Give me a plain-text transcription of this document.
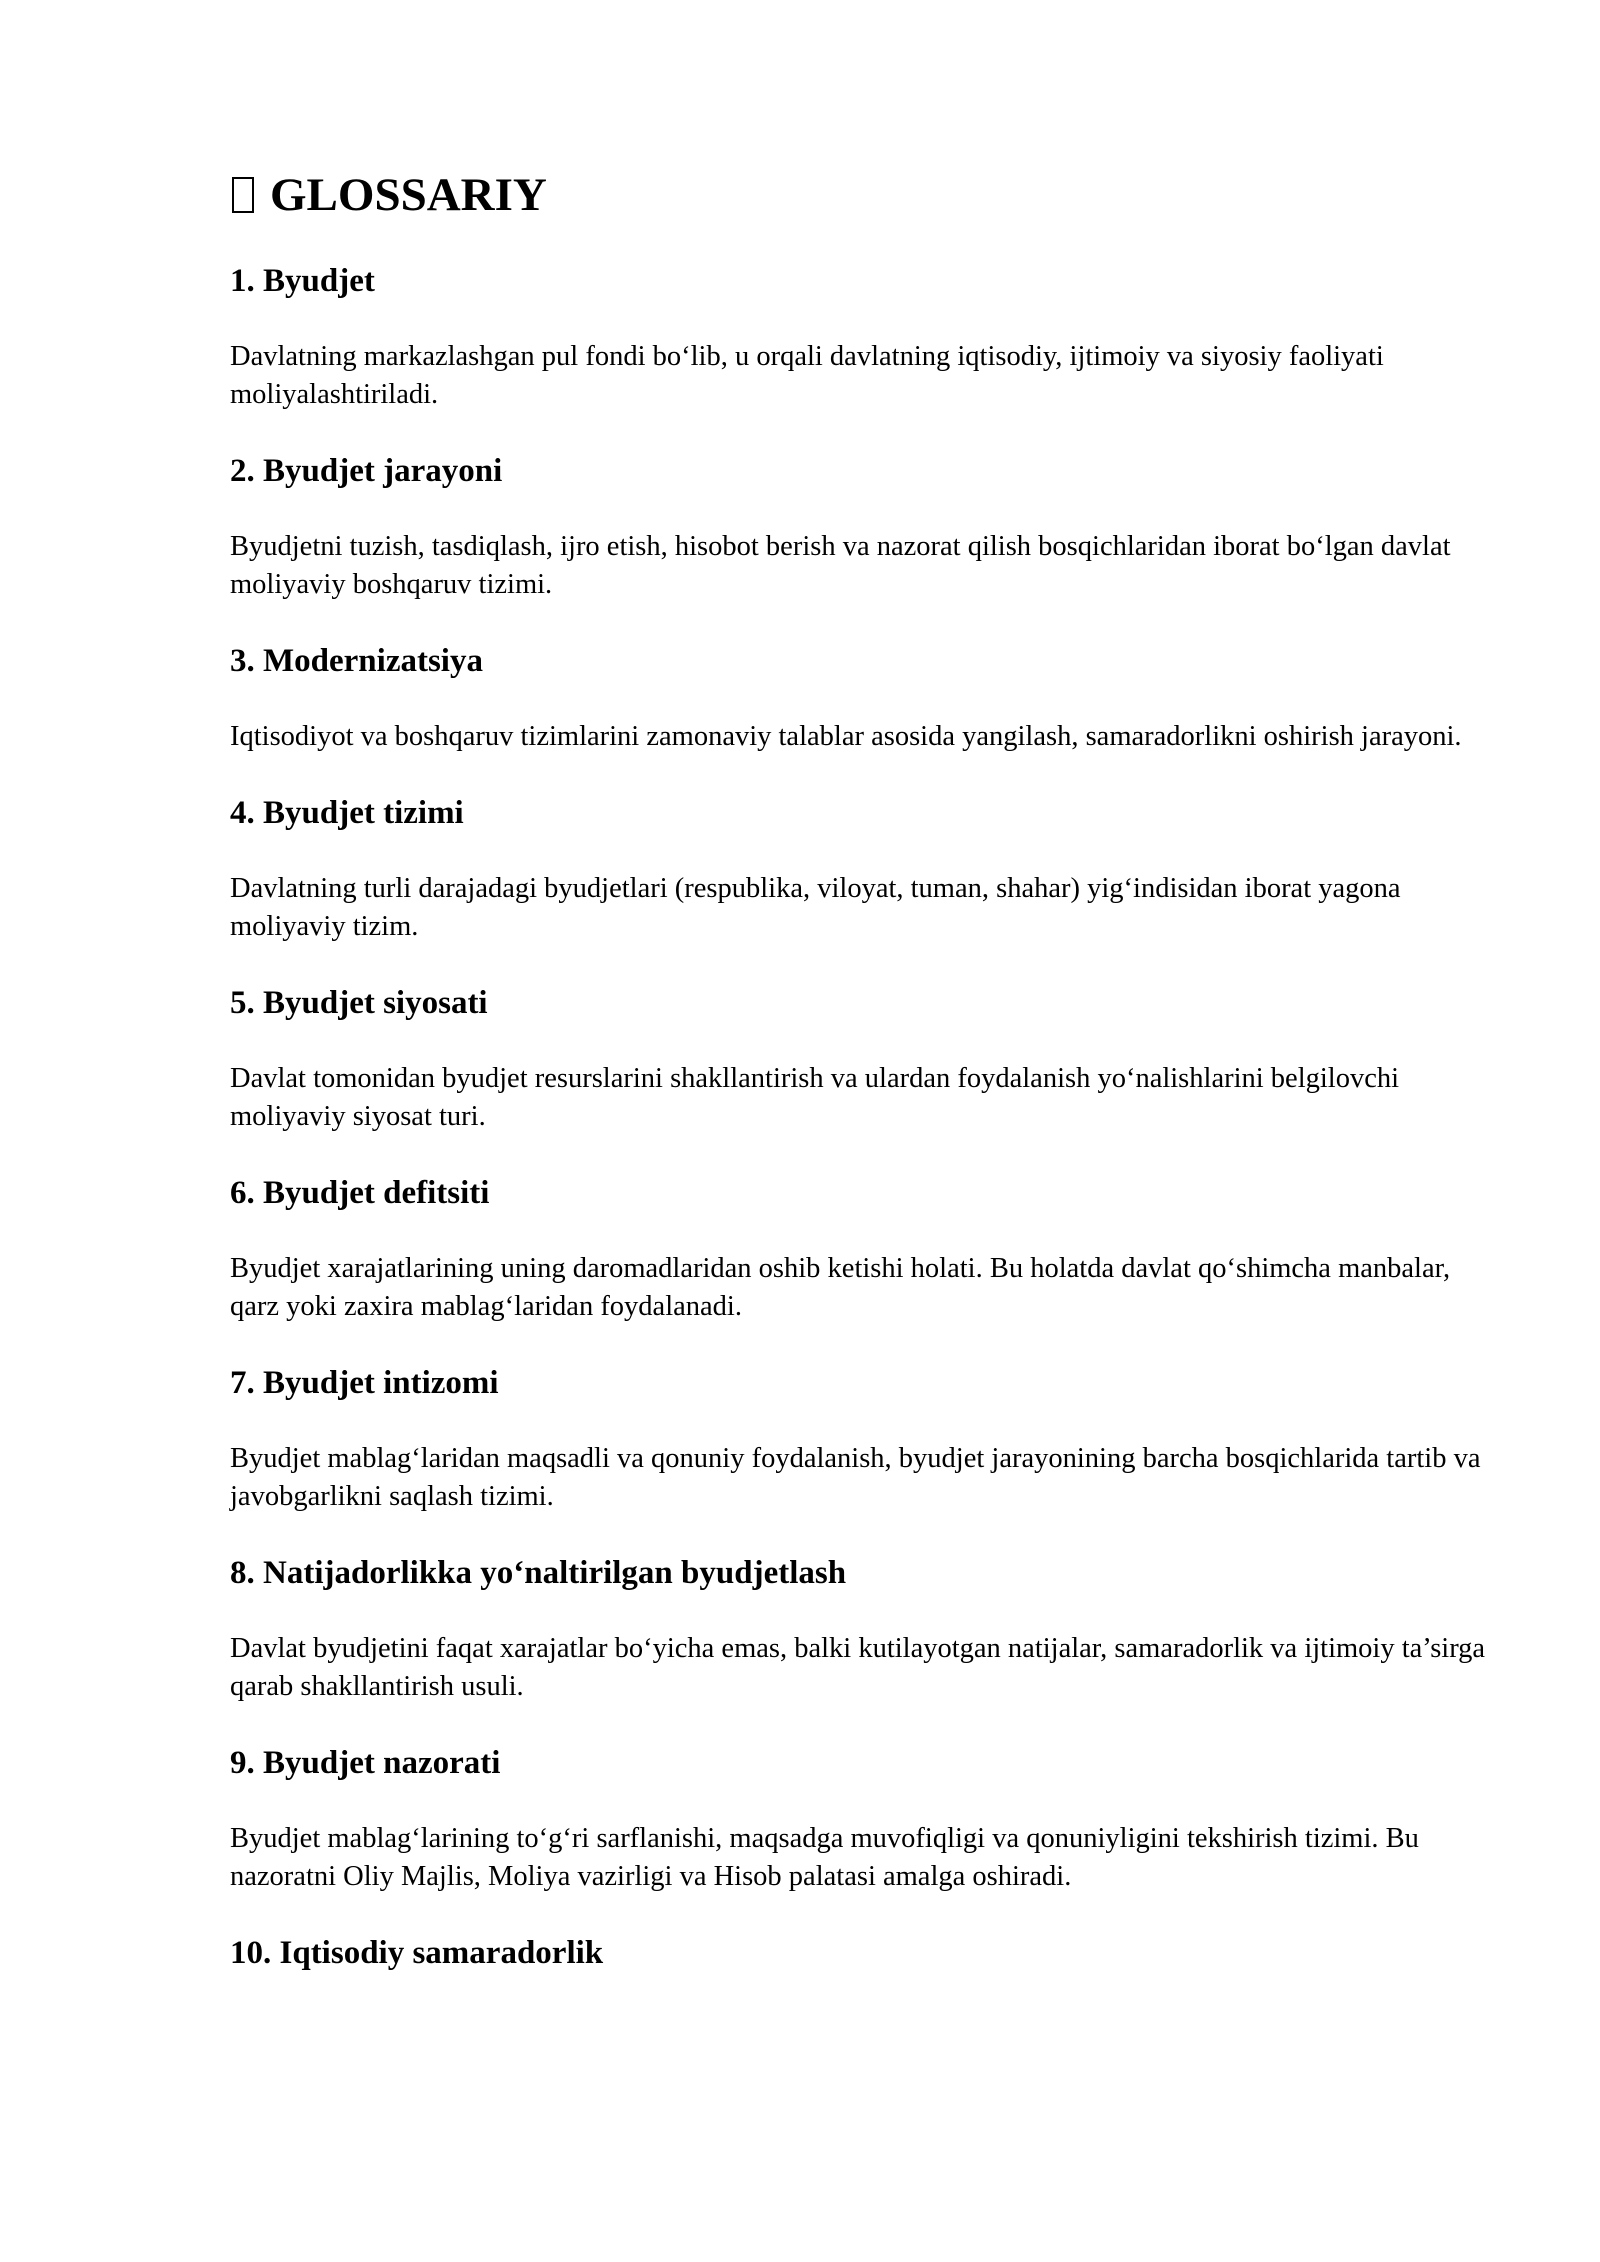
GLOSSARIY
1. Byudjet

Davlatning markazlashgan pul fondi bo‘lib, u orqali davlatning iqtisodiy, ijtimoiy va siyosiy faoliyati moliyalashtiriladi.

2. Byudjet jarayoni

Byudjetni tuzish, tasdiqlash, ijro etish, hisobot berish va nazorat qilish bosqichlaridan iborat bo‘lgan davlat moliyaviy boshqaruv tizimi.

3. Modernizatsiya

Iqtisodiyot va boshqaruv tizimlarini zamonaviy talablar asosida yangilash, samaradorlikni oshirish jarayoni.

4. Byudjet tizimi

Davlatning turli darajadagi byudjetlari (respublika, viloyat, tuman, shahar) yig‘indisidan iborat yagona moliyaviy tizim.

5. Byudjet siyosati

Davlat tomonidan byudjet resurslarini shakllantirish va ulardan foydalanish yo‘nalishlarini belgilovchi moliyaviy siyosat turi.

6. Byudjet defitsiti

Byudjet xarajatlarining uning daromadlaridan oshib ketishi holati. Bu holatda davlat qo‘shimcha manbalar, qarz yoki zaxira mablag‘laridan foydalanadi.

7. Byudjet intizomi

Byudjet mablag‘laridan maqsadli va qonuniy foydalanish, byudjet jarayonining barcha bosqichlarida tartib va javobgarlikni saqlash tizimi.

8. Natijadorlikka yo‘naltirilgan byudjetlash

Davlat byudjetini faqat xarajatlar bo‘yicha emas, balki kutilayotgan natijalar, samaradorlik va ijtimoiy ta’sirga qarab shakllantirish usuli.

9. Byudjet nazorati

Byudjet mablag‘larining to‘g‘ri sarflanishi, maqsadga muvofiqligi va qonuniyligini tekshirish tizimi. Bu nazoratni Oliy Majlis, Moliya vazirligi va Hisob palatasi amalga oshiradi.

10. Iqtisodiy samaradorlik
